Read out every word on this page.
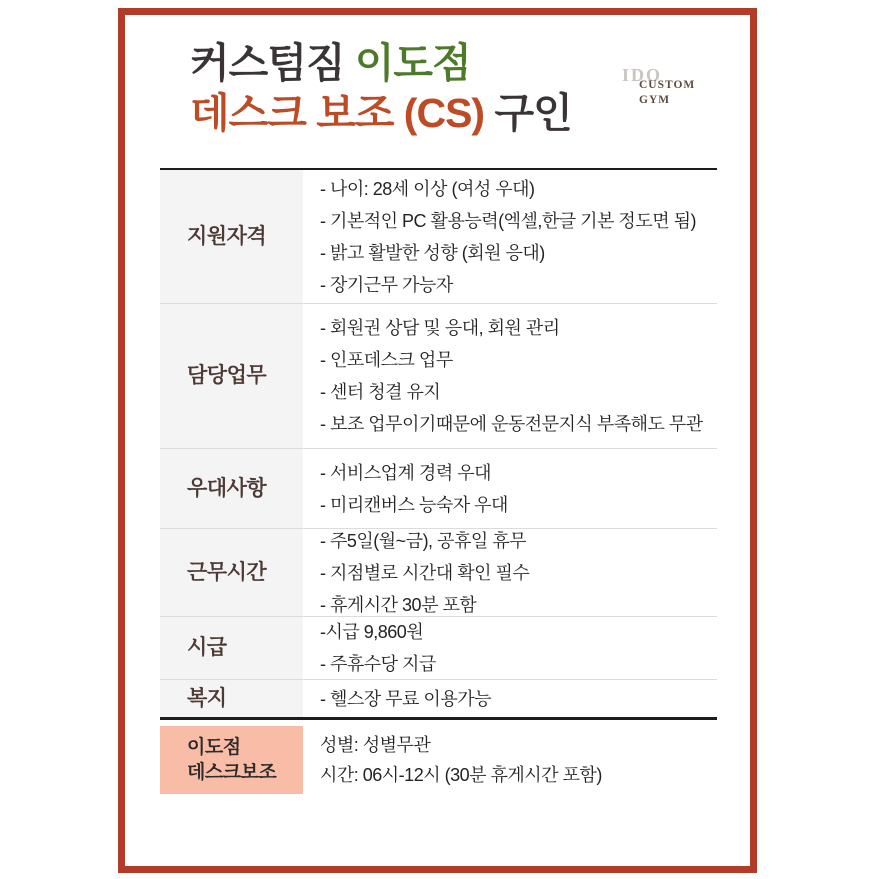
커스텀짐 이도점
데스크 보조 (CS) 구인
IDO
CUSTOM
GYM
지원자격
- 나이: 28세 이상 (여성 우대)
- 기본적인 PC 활용능력(엑셀,한글 기본 정도면 됨)
- 밝고 활발한 성향 (회원 응대)
- 장기근무 가능자
담당업무
- 회원권 상담 및 응대, 회원 관리
- 인포데스크 업무
- 센터 청결 유지
- 보조 업무이기때문에 운동전문지식 부족해도 무관
우대사항
- 서비스업계 경력 우대
- 미리캔버스 능숙자 우대
근무시간
- 주5일(월~금), 공휴일 휴무
- 지점별로 시간대 확인 필수
- 휴게시간 30분 포함
시급
-시급 9,860원
- 주휴수당 지급
복지	- 헬스장 무료 이용가능
이도점
데스크보조
성별: 성별무관
시간: 06시-12시 (30분 휴게시간 포함)
